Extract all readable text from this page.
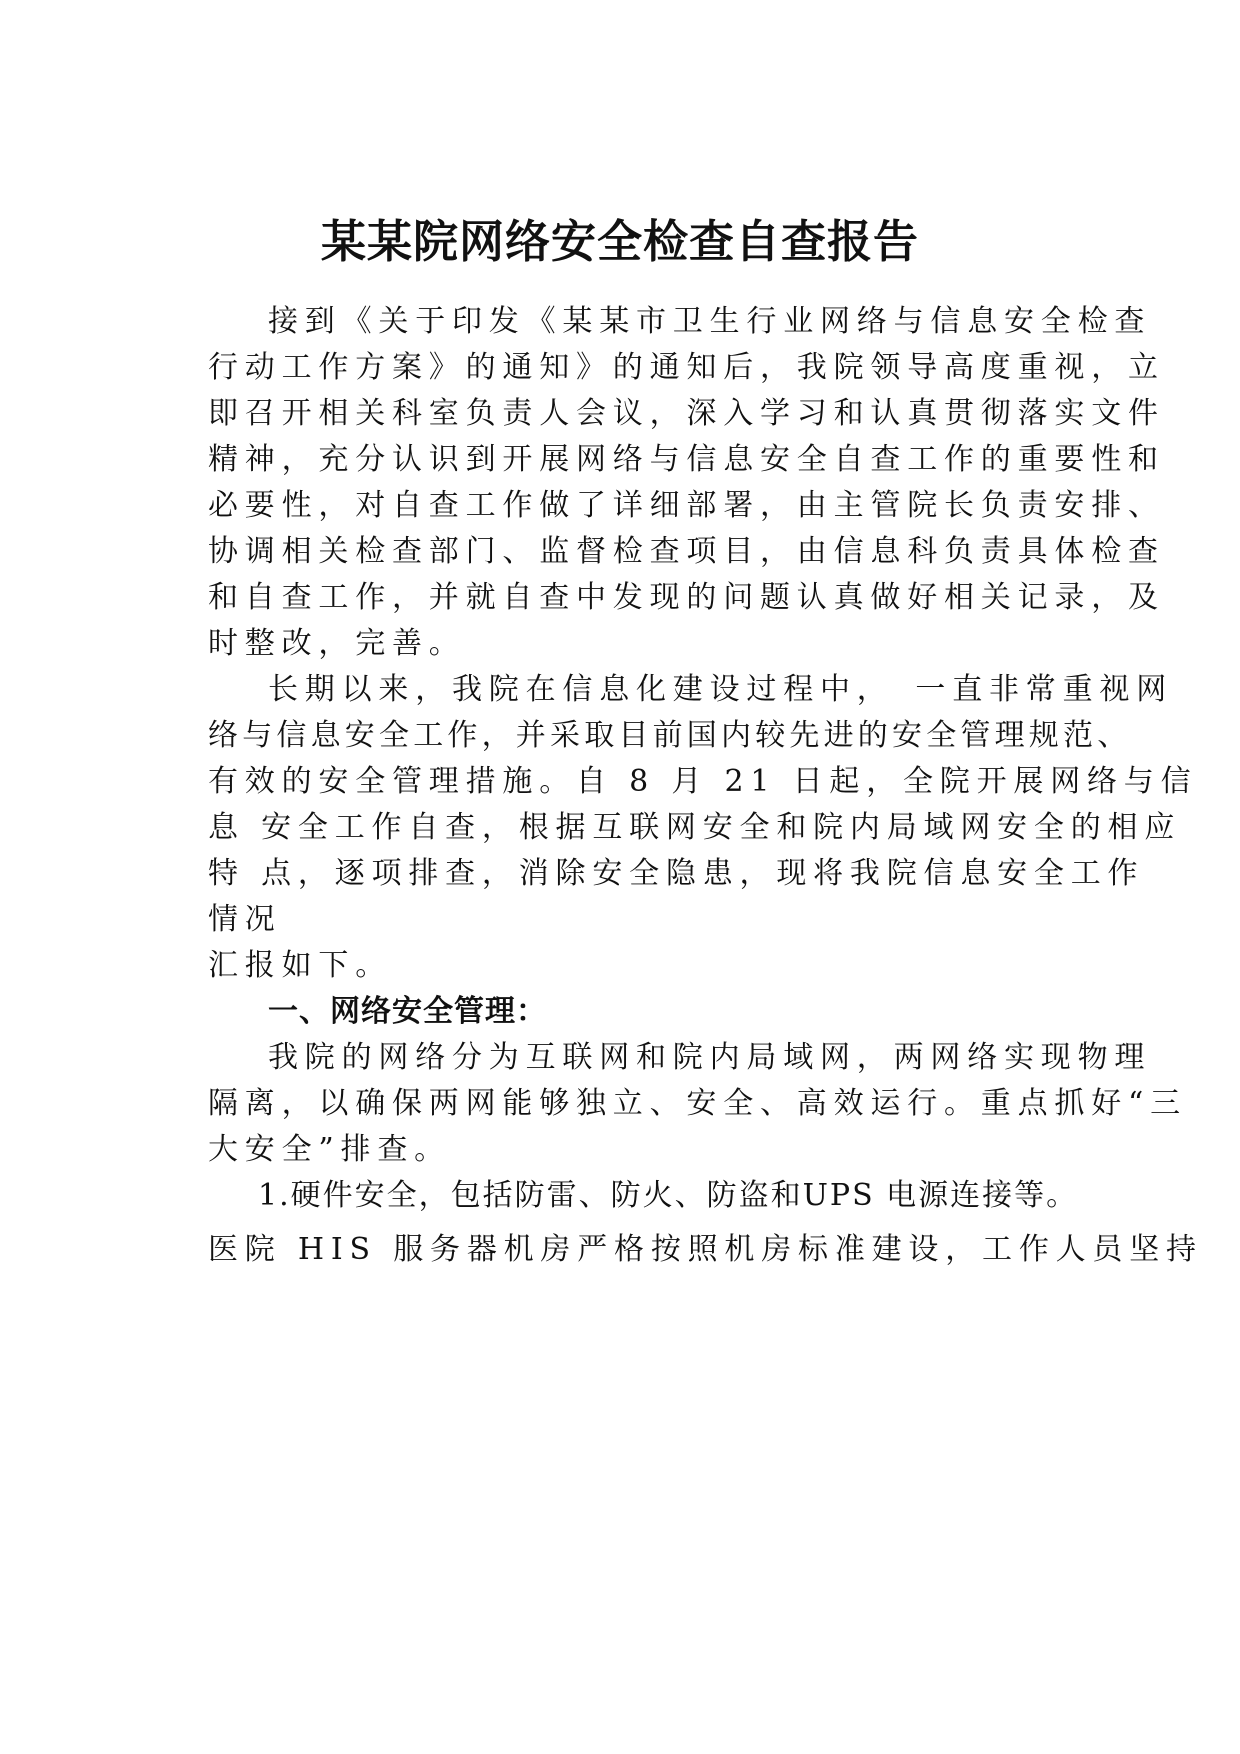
某某院网络安全检查自查报告
接到《关于印发《某某市卫生行业网络与信息安全检查
行动工作方案》的通知》的通知后，我院领导高度重视，立
即召开相关科室负责人会议，深入学习和认真贯彻落实文件
精神，充分认识到开展网络与信息安全自查工作的重要性和
必要性，对自查工作做了详细部署，由主管院长负责安排、
协调相关检查部门、监督检查项目，由信息科负责具体检查
和自查工作，并就自查中发现的问题认真做好相关记录，及
时整改，完善。
长期以来，我院在信息化建设过程中，　一直非常重视网
络与信息安全工作，并采取目前国内较先进的安全管理规范、
有效的安全管理措施。自 8 月 21 日起，全院开展网络与信
息 安全工作自查，根据互联网安全和院内局域网安全的相应
特 点，逐项排查，消除安全隐患，现将我院信息安全工作
情况
汇报如下。
一、网络安全管理：
我院的网络分为互联网和院内局域网，两网络实现物理
隔离，以确保两网能够独立、安全、高效运行。重点抓好“三
大安全”排查。
1.硬件安全，包括防雷、防火、防盗和UPS 电源连接等。
医院 HIS 服务器机房严格按照机房标准建设，工作人员坚持
